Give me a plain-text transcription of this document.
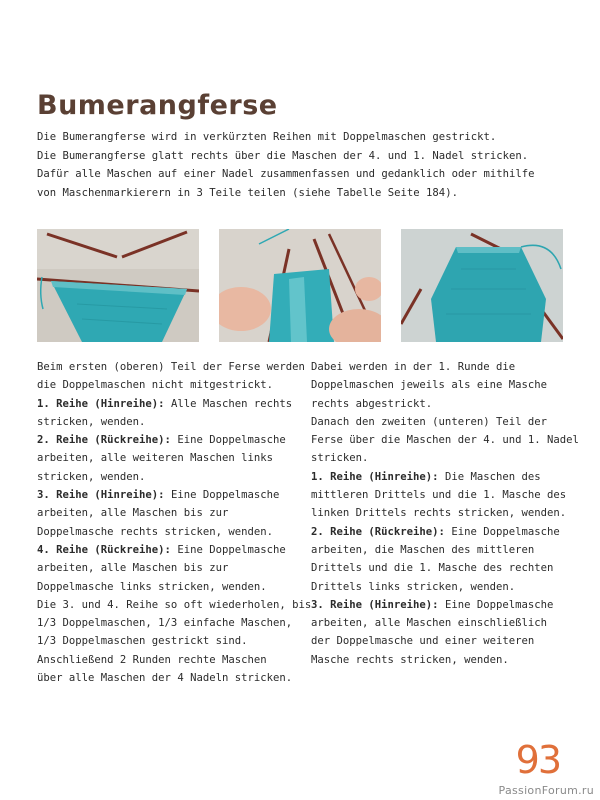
Bumerangferse
Die Bumerangferse wird in verkürzten Reihen mit Doppelmaschen gestrickt.
Die Bumerangferse glatt rechts über die Maschen der 4. und 1. Nadel stricken.
Dafür alle Maschen auf einer Nadel zusammenfassen und gedanklich oder mithilfe
von Maschenmarkierern in 3 Teile teilen (siehe Tabelle Seite 184).

Beim ersten (oberen) Teil der Ferse werden

die Doppelmaschen nicht mitgestrickt.

1. Reihe (Hinreihe): Alle Maschen rechts

stricken, wenden.

2. Reihe (Rückreihe): Eine Doppelmasche

arbeiten, alle weiteren Maschen links

stricken, wenden.

3. Reihe (Hinreihe): Eine Doppelmasche

arbeiten, alle Maschen bis zur

Doppelmasche rechts stricken, wenden.

4. Reihe (Rückreihe): Eine Doppelmasche

arbeiten, alle Maschen bis zur

Doppelmasche links stricken, wenden.

Die 3. und 4. Reihe so oft wiederholen, bis

1/3 Doppelmaschen, 1/3 einfache Maschen,

1/3 Doppelmaschen gestrickt sind.

Anschließend 2 Runden rechte Maschen

über alle Maschen der 4 Nadeln stricken.

Dabei werden in der 1. Runde die

Doppelmaschen jeweils als eine Masche

rechts abgestrickt.

Danach den zweiten (unteren) Teil der

Ferse über die Maschen der 4. und 1. Nadel

stricken.

1. Reihe (Hinreihe): Die Maschen des

mittleren Drittels und die 1. Masche des

linken Drittels rechts stricken, wenden.

2. Reihe (Rückreihe): Eine Doppelmasche

arbeiten, die Maschen des mittleren

Drittels und die 1. Masche des rechten

Drittels links stricken, wenden.

3. Reihe (Hinreihe): Eine Doppelmasche

arbeiten, alle Maschen einschließlich

der Doppelmasche und einer weiteren

Masche rechts stricken, wenden.

93
PassionForum.ru
